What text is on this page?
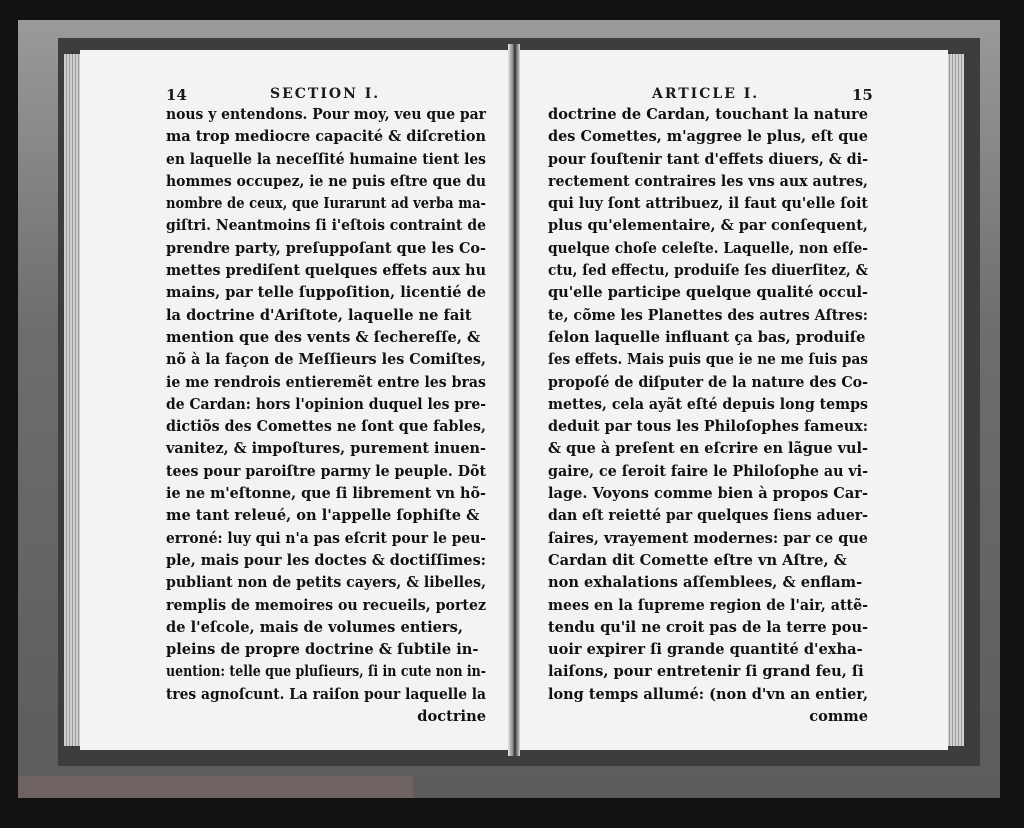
14	SECTION I.	ARTICLE I.	15
nous y entendons. Pour moy, veu que par
ma trop mediocre capacité & diſcretion
en laquelle la neceſſité humaine tient les
hommes occupez, ie ne puis eſtre que du
nombre de ceux, que Iurarunt ad verba ma-
giſtri. Neantmoins ſi i'eſtois contraint de
prendre party, preſuppoſant que les Co-
mettes prediſent quelques effets aux hu
mains, par telle ſuppoſition, licentié de
la doctrine d'Ariſtote, laquelle ne fait
mention que des vents & ſechereſſe, &
nõ à la façon de Meſſieurs les Comiſtes,
ie me rendrois entieremẽt entre les bras
de Cardan: hors l'opinion duquel les pre-
dictiõs des Comettes ne ſont que fables,
vanitez, & impoſtures, purement inuen-
tees pour paroiſtre parmy le peuple. Dõt
ie ne m'eſtonne, que ſi librement vn hõ-
me tant releué, on l'appelle ſophiſte &
erroné: luy qui n'a pas eſcrit pour le peu-
ple, mais pour les doctes & doctiſſimes:
publiant non de petits cayers, & libelles,
remplis de memoires ou recueils, portez
de l'eſcole, mais de volumes entiers,
pleins de propre doctrine & ſubtile in-
uention: telle que pluſieurs, ſi in cute non in-
tres agnoſcunt. La raiſon pour laquelle la
doctrine
doctrine de Cardan, touchant la nature
des Comettes, m'aggree le plus, eſt que
pour ſouſtenir tant d'effets diuers, & di-
rectement contraires les vns aux autres,
qui luy ſont attribuez, il faut qu'elle ſoit
plus qu'elementaire, & par conſequent,
quelque choſe celeſte. Laquelle, non eſſe-
ctu, ſed effectu, produiſe ſes diuerſitez, &
qu'elle participe quelque qualité occul-
te, cõme les Planettes des autres Aſtres:
ſelon laquelle influant ça bas, produiſe
ſes effets. Mais puis que ie ne me ſuis pas
propoſé de diſputer de la nature des Co-
mettes, cela ayãt eſté depuis long temps
deduit par tous les Philoſophes fameux:
& que à preſent en eſcrire en lãgue vul-
gaire, ce ſeroit faire le Philoſophe au vi-
lage. Voyons comme bien à propos Car-
dan eſt reietté par quelques ſiens aduer-
ſaires, vrayement modernes: par ce que
Cardan dit Comette eſtre vn Aſtre, &
non exhalations aſſemblees, & enflam-
mees en la ſupreme region de l'air, attẽ-
tendu qu'il ne croit pas de la terre pou-
uoir expirer ſi grande quantité d'exha-
laiſons, pour entretenir ſi grand feu, ſi
long temps allumé: (non d'vn an entier,
comme
